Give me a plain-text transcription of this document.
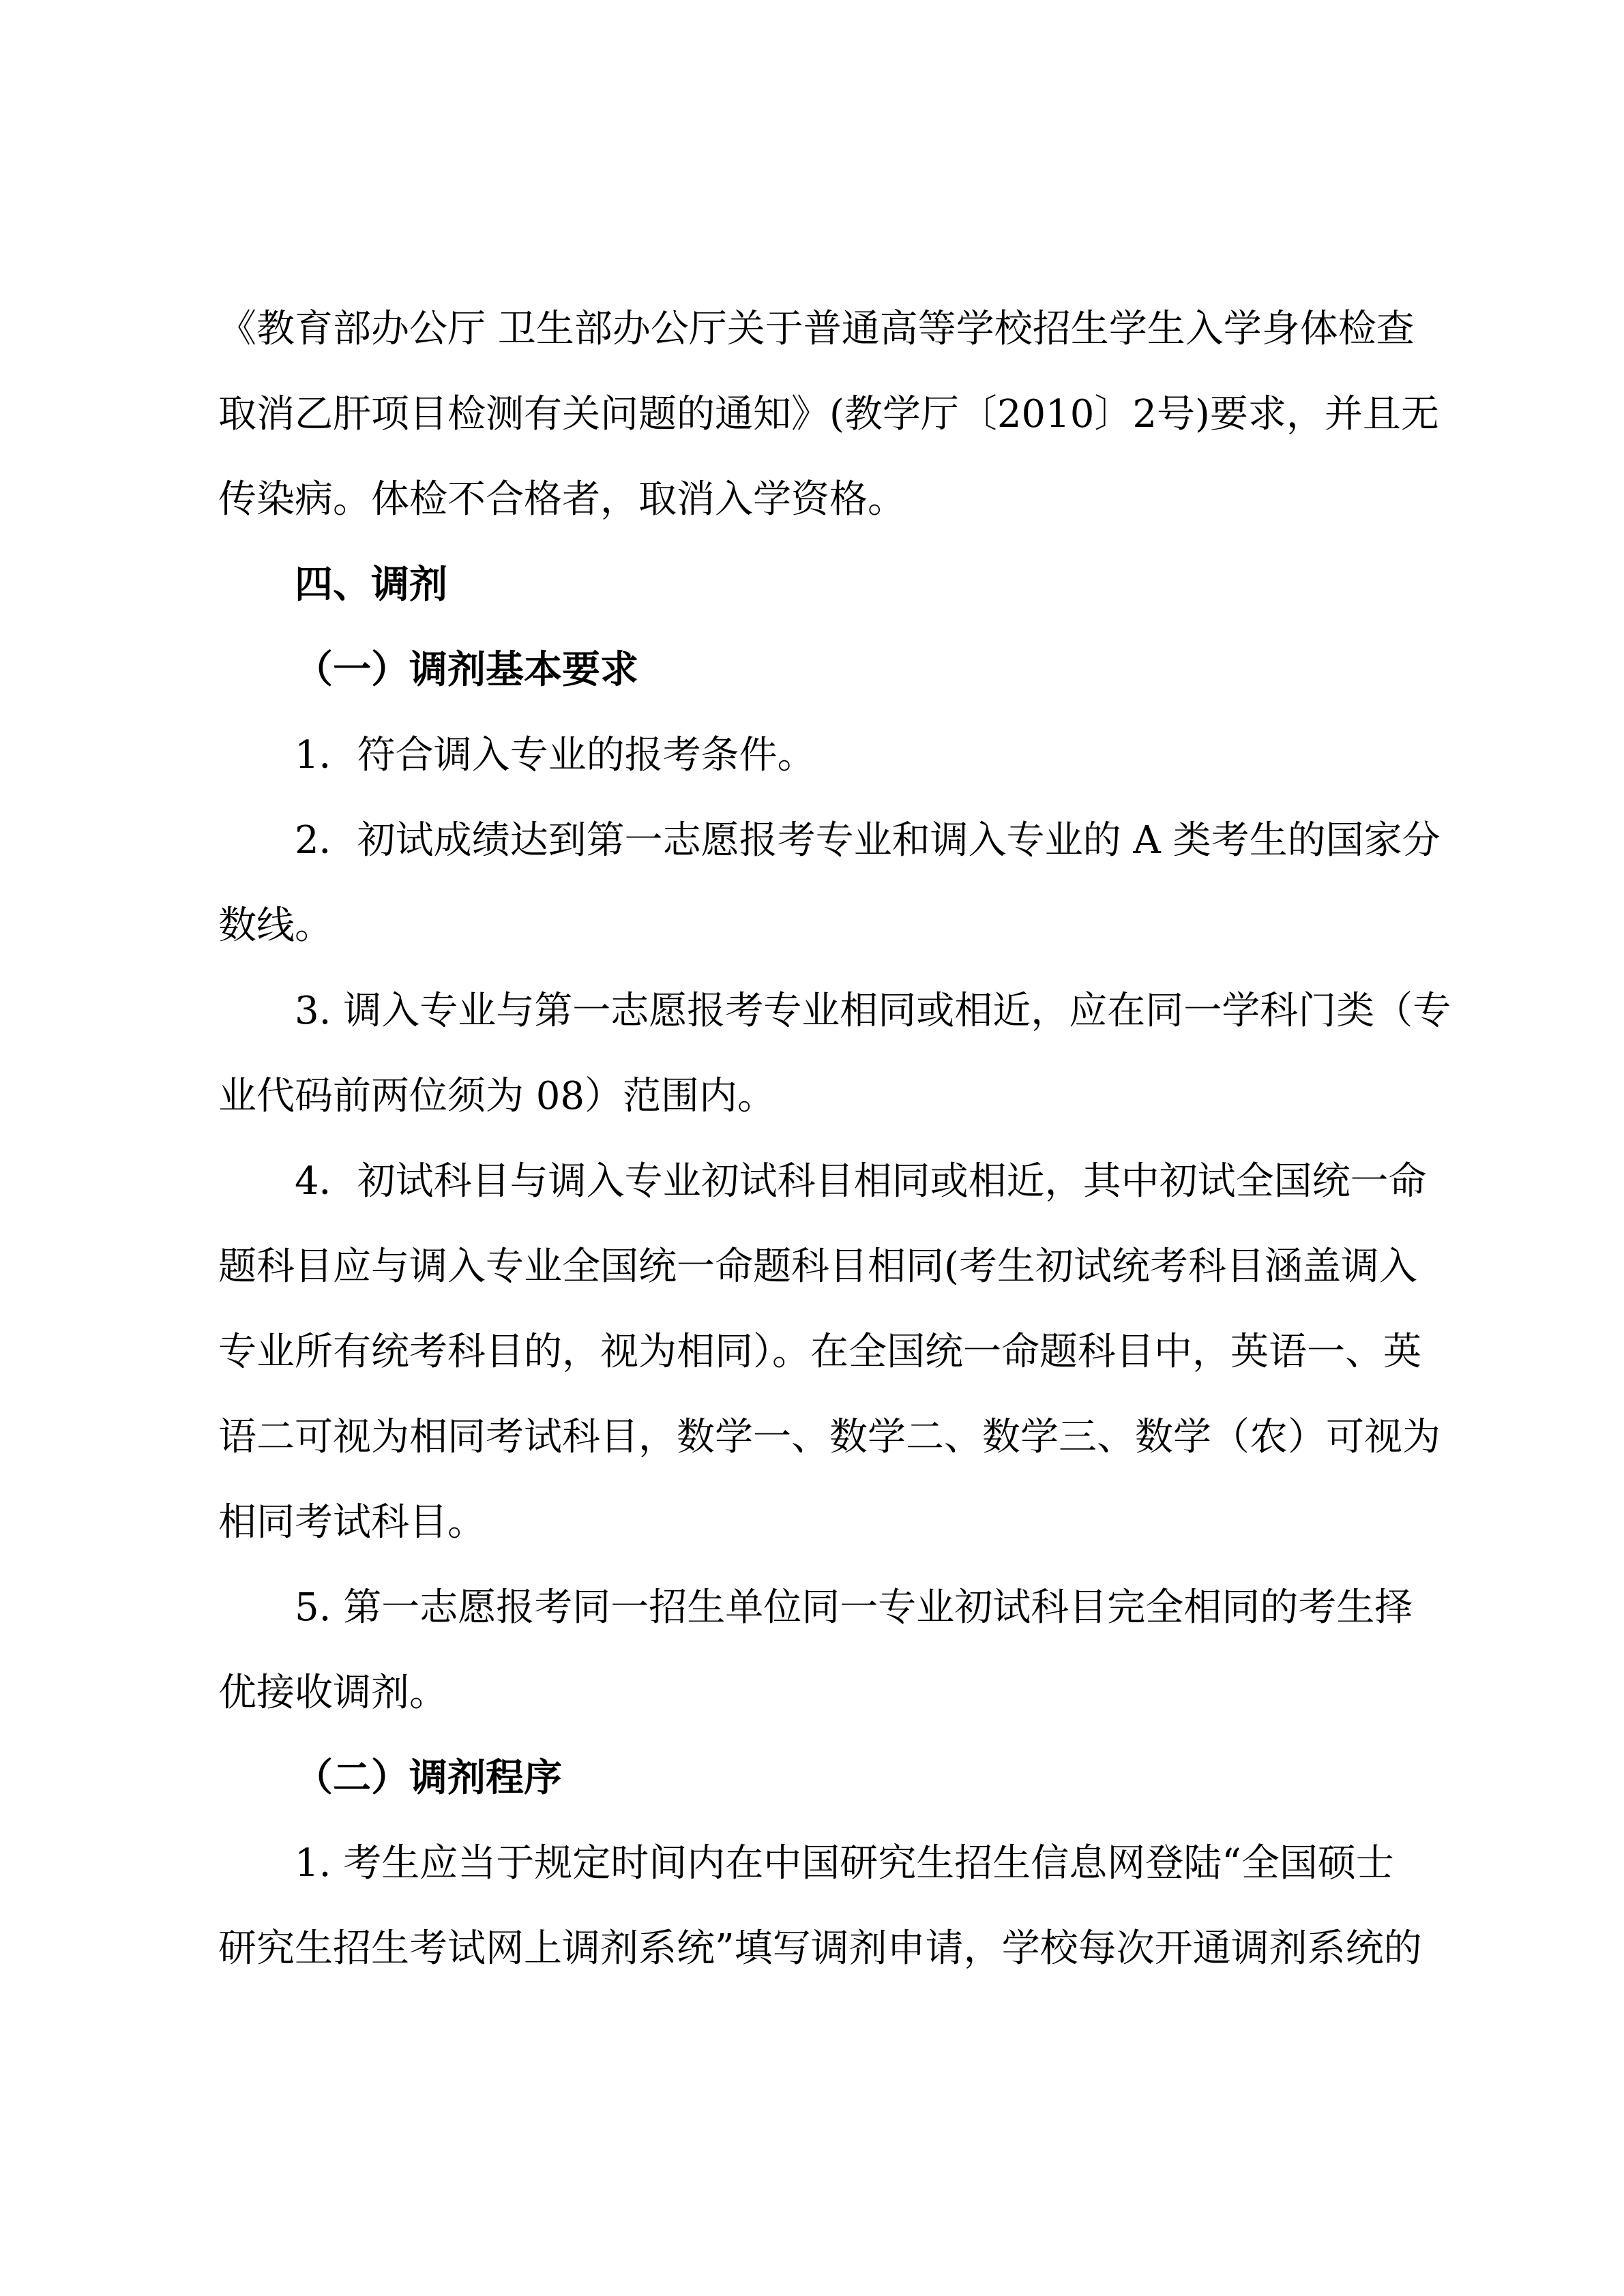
《教育部办公厅 卫生部办公厅关于普通高等学校招生学生入学身体检查
取消乙肝项目检测有关问题的通知》(教学厅〔2010〕2号)要求，并且无
传染病。体检不合格者，取消入学资格。
四、调剂
（一）调剂基本要求
1．符合调入专业的报考条件。
2．初试成绩达到第一志愿报考专业和调入专业的 A 类考生的国家分
数线。
3. 调入专业与第一志愿报考专业相同或相近，应在同一学科门类（专
业代码前两位须为 08）范围内。
4．初试科目与调入专业初试科目相同或相近，其中初试全国统一命
题科目应与调入专业全国统一命题科目相同(考生初试统考科目涵盖调入
专业所有统考科目的，视为相同）。在全国统一命题科目中，英语一、英
语二可视为相同考试科目，数学一、数学二、数学三、数学（农）可视为
相同考试科目。
5. 第一志愿报考同一招生单位同一专业初试科目完全相同的考生择
优接收调剂。
（二）调剂程序
1. 考生应当于规定时间内在中国研究生招生信息网登陆“全国硕士
研究生招生考试网上调剂系统”填写调剂申请，学校每次开通调剂系统的
